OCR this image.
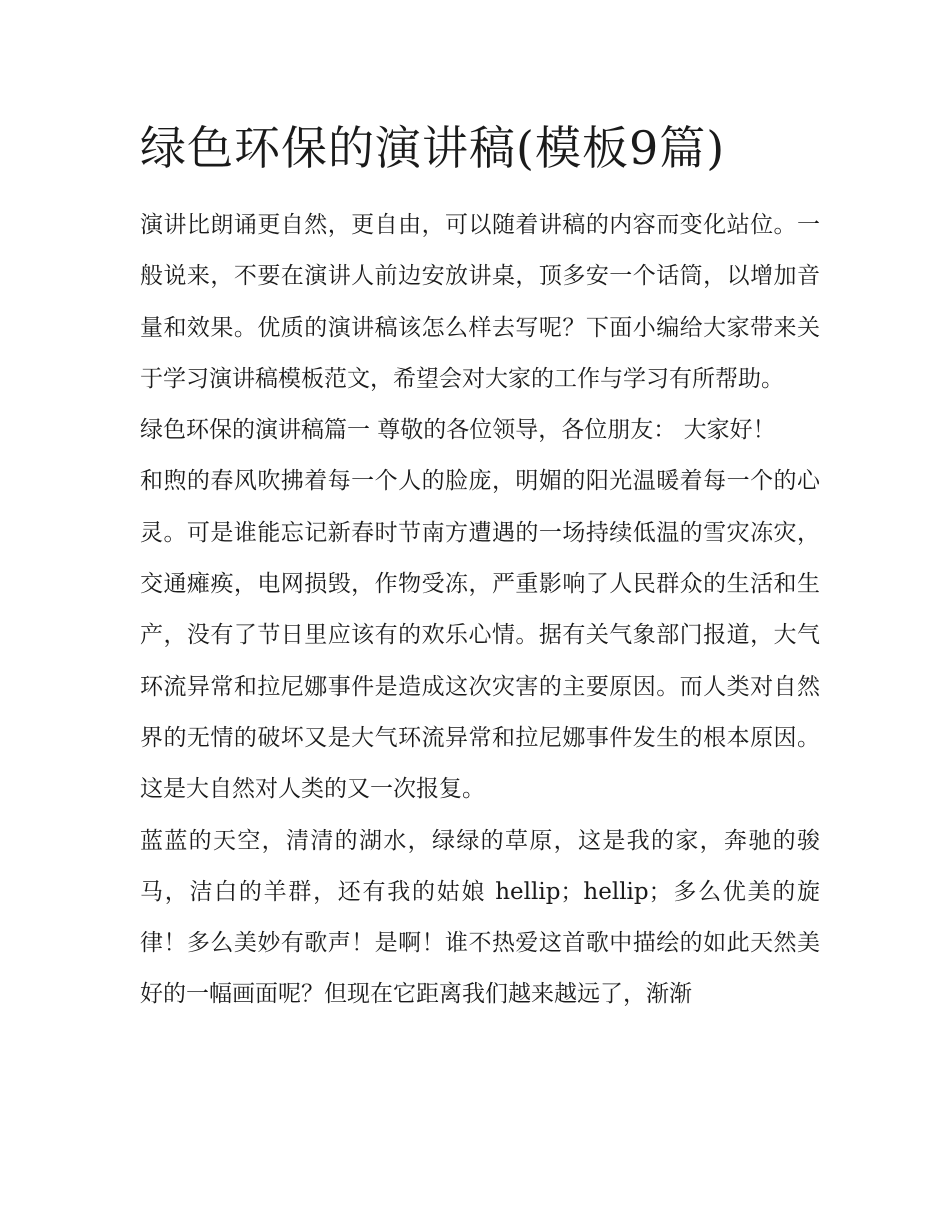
绿色环保的演讲稿(模板9篇)

演讲比朗诵更自然，更自由，可以随着讲稿的内容而变化站位。一般说来，不要在演讲人前边安放讲桌，顶多安一个话筒，以增加音量和效果。优质的演讲稿该怎么样去写呢？下面小编给大家带来关于学习演讲稿模板范文，希望会对大家的工作与学习有所帮助。

绿色环保的演讲稿篇一 尊敬的各位领导，各位朋友： 大家好！

和煦的春风吹拂着每一个人的脸庞，明媚的阳光温暖着每一个的心灵。可是谁能忘记新春时节南方遭遇的一场持续低温的雪灾冻灾，交通瘫痪，电网损毁，作物受冻，严重影响了人民群众的生活和生产，没有了节日里应该有的欢乐心情。据有关气象部门报道，大气环流异常和拉尼娜事件是造成这次灾害的主要原因。而人类对自然界的无情的破坏又是大气环流异常和拉尼娜事件发生的根本原因。这是大自然对人类的又一次报复。

蓝蓝的天空，清清的湖水，绿绿的草原，这是我的家，奔驰的骏马，洁白的羊群，还有我的姑娘 hellip；hellip；多么优美的旋律！多么美妙有歌声！是啊！谁不热爱这首歌中描绘的如此天然美好的一幅画面呢？但现在它距离我们越来越远了，渐渐
